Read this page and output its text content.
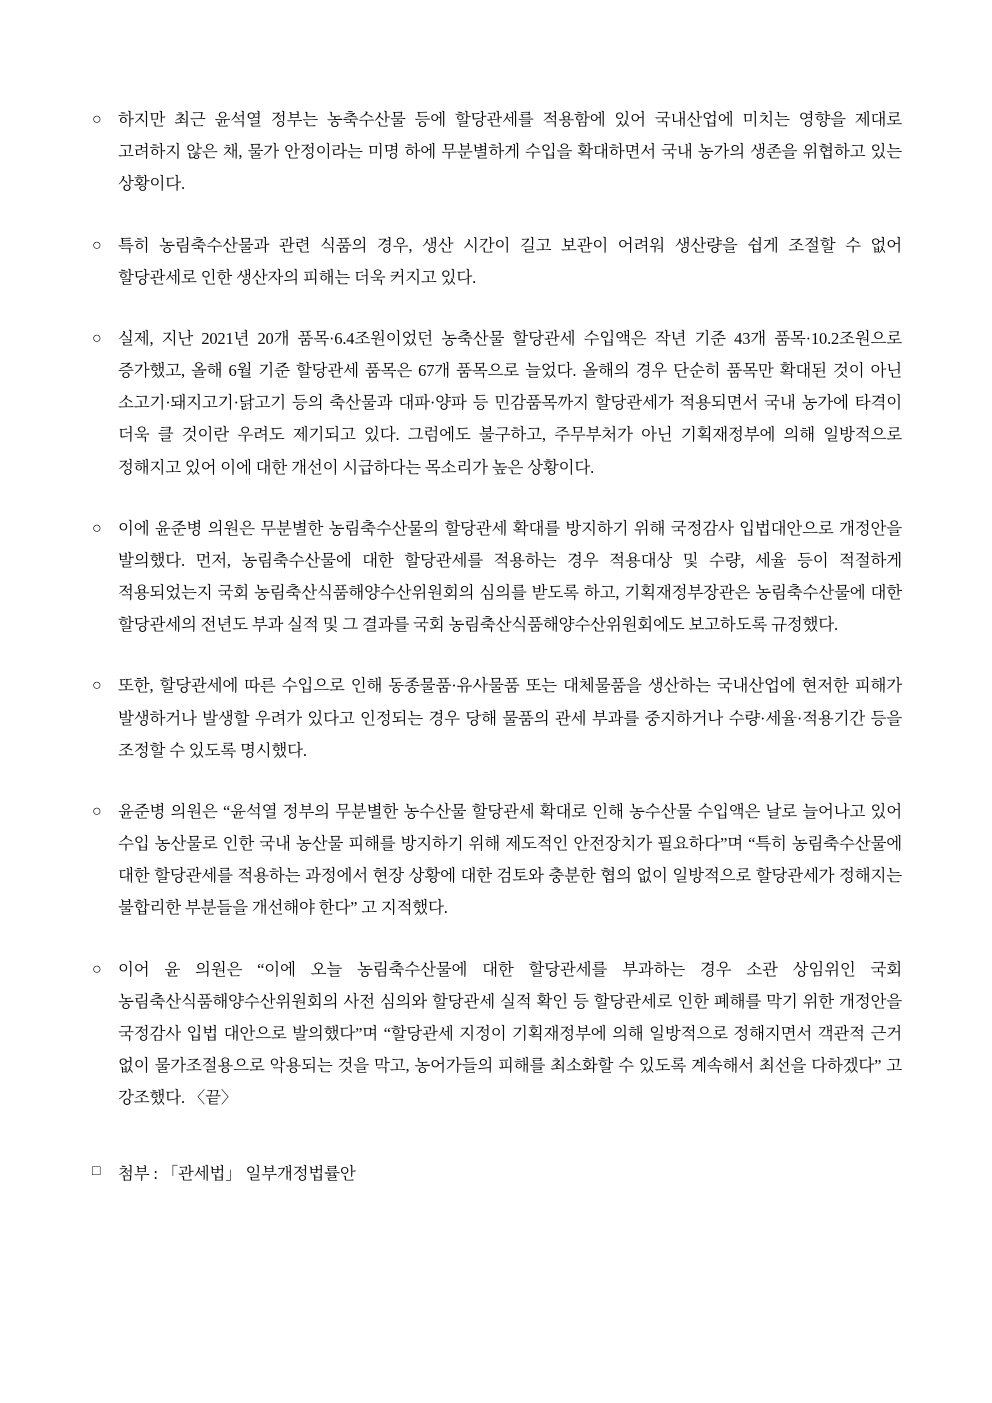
○	하지만 최근 윤석열 정부는 농축수산물 등에 할당관세를 적용함에 있어 국내산업에 미치는 영향을 제대로 고려하지 않은 채, 물가 안정이라는 미명 하에 무분별하게 수입을 확대하면서 국내 농가의 생존을 위협하고 있는 상황이다.
○	특히 농림축수산물과 관련 식품의 경우, 생산 시간이 길고 보관이 어려워 생산량을 쉽게 조절할 수 없어 할당관세로 인한 생산자의 피해는 더욱 커지고 있다.
○	실제, 지난 2021년 20개 품목·6.4조원이었던 농축산물 할당관세 수입액은 작년 기준 43개 품목·10.2조원으로 증가했고, 올해 6월 기준 할당관세 품목은 67개 품목으로 늘었다. 올해의 경우 단순히 품목만 확대된 것이 아닌 소고기·돼지고기·닭고기 등의 축산물과 대파·양파 등 민감품목까지 할당관세가 적용되면서 국내 농가에 타격이 더욱 클 것이란 우려도 제기되고 있다. 그럼에도 불구하고, 주무부처가 아닌 기획재정부에 의해 일방적으로 정해지고 있어 이에 대한 개선이 시급하다는 목소리가 높은 상황이다.
○	이에 윤준병 의원은 무분별한 농림축수산물의 할당관세 확대를 방지하기 위해 국정감사 입법대안으로 개정안을 발의했다. 먼저, 농림축수산물에 대한 할당관세를 적용하는 경우 적용대상 및 수량, 세율 등이 적절하게 적용되었는지 국회 농림축산식품해양수산위원회의 심의를 받도록 하고, 기획재정부장관은 농림축수산물에 대한 할당관세의 전년도 부과 실적 및 그 결과를 국회 농림축산식품해양수산위원회에도 보고하도록 규정했다.
○	또한, 할당관세에 따른 수입으로 인해 동종물품·유사물품 또는 대체물품을 생산하는 국내산업에 현저한 피해가 발생하거나 발생할 우려가 있다고 인정되는 경우 당해 물품의 관세 부과를 중지하거나 수량·세율·적용기간 등을 조정할 수 있도록 명시했다.
○	윤준병 의원은 “윤석열 정부의 무분별한 농수산물 할당관세 확대로 인해 농수산물 수입액은 날로 늘어나고 있어 수입 농산물로 인한 국내 농산물 피해를 방지하기 위해 제도적인 안전장치가 필요하다”며 “특히 농림축수산물에 대한 할당관세를 적용하는 과정에서 현장 상황에 대한 검토와 충분한 협의 없이 일방적으로 할당관세가 정해지는 불합리한 부분들을 개선해야 한다” 고 지적했다.
○	이어 윤 의원은 “이에 오늘 농림축수산물에 대한 할당관세를 부과하는 경우 소관 상임위인 국회 농림축산식품해양수산위원회의 사전 심의와 할당관세 실적 확인 등 할당관세로 인한 폐해를 막기 위한 개정안을 국정감사 입법 대안으로 발의했다”며 “할당관세 지정이 기획재정부에 의해 일방적으로 정해지면서 객관적 근거 없이 물가조절용으로 악용되는 것을 막고, 농어가들의 피해를 최소화할 수 있도록 계속해서 최선을 다하겠다” 고 강조했다. 〈끝〉
□	첨부 : 「관세법」 일부개정법률안
